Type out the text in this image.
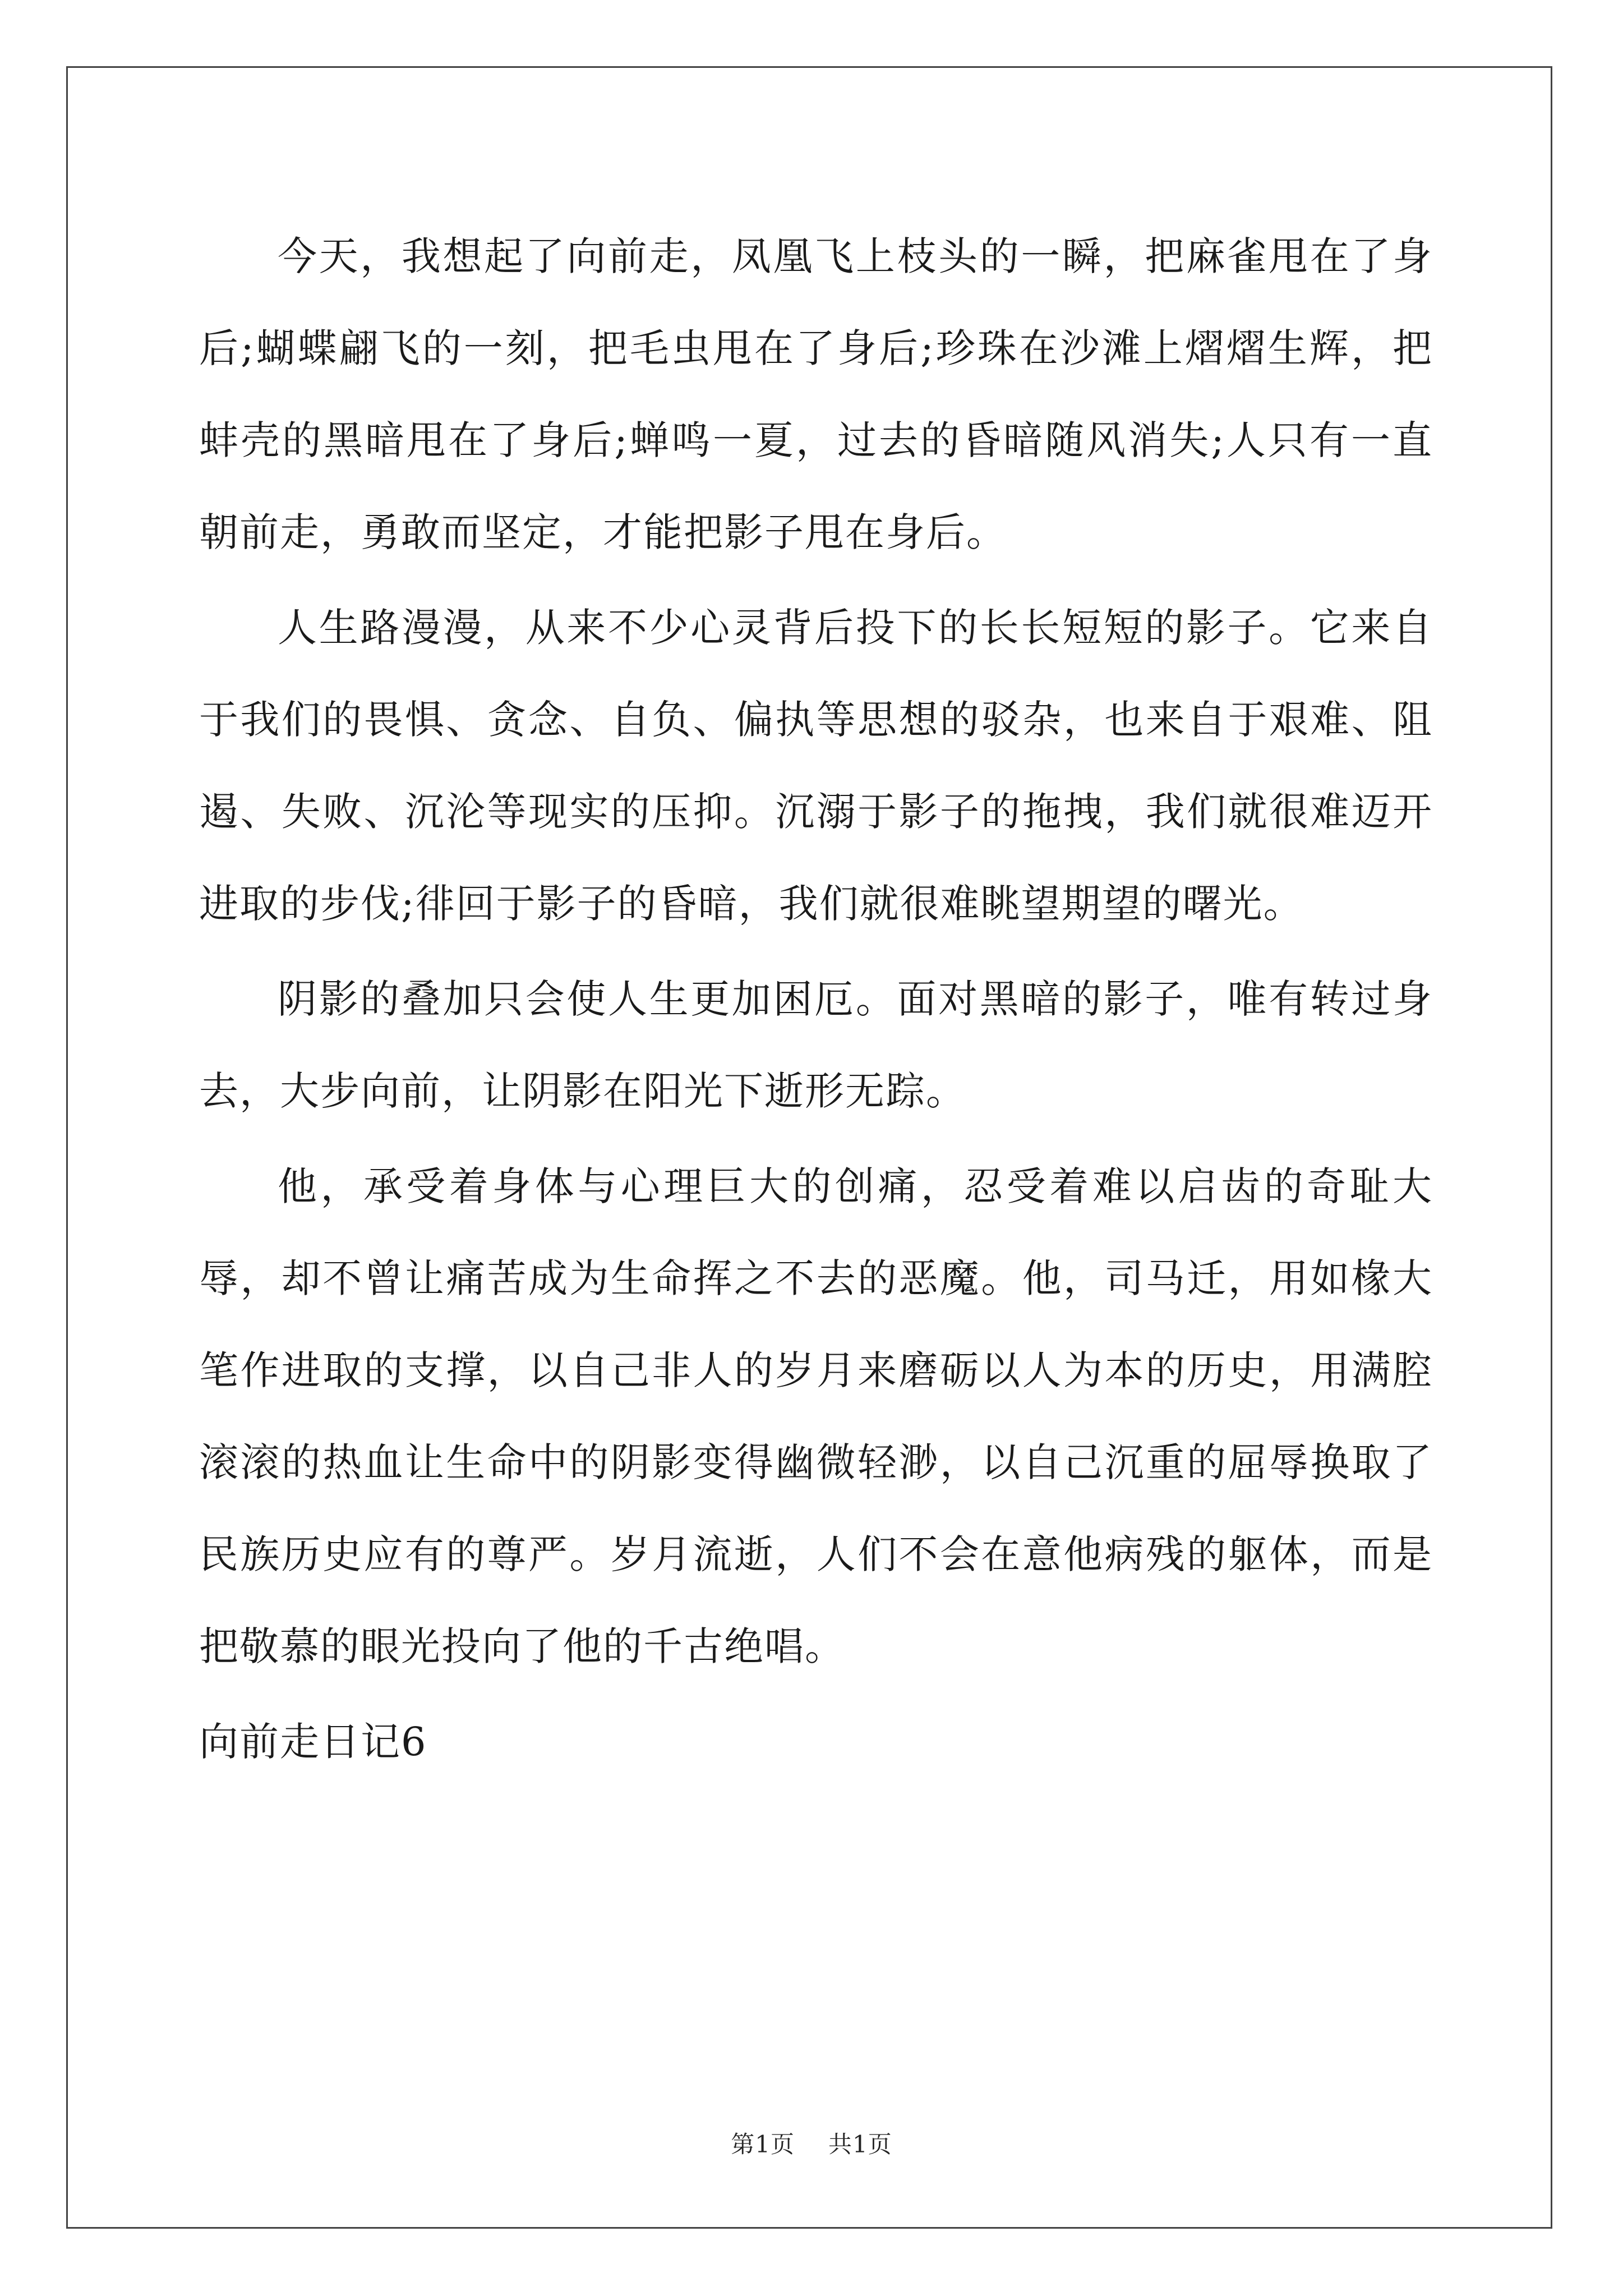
今天，我想起了向前走，凤凰飞上枝头的一瞬，把麻雀甩在了身后;蝴蝶翩飞的一刻，把毛虫甩在了身后;珍珠在沙滩上熠熠生辉，把蚌壳的黑暗甩在了身后;蝉鸣一夏，过去的昏暗随风消失;人只有一直朝前走，勇敢而坚定，才能把影子甩在身后。

人生路漫漫，从来不少心灵背后投下的长长短短的影子。它来自于我们的畏惧、贪念、自负、偏执等思想的驳杂，也来自于艰难、阻遏、失败、沉沦等现实的压抑。沉溺于影子的拖拽，我们就很难迈开进取的步伐;徘回于影子的昏暗，我们就很难眺望期望的曙光。

阴影的叠加只会使人生更加困厄。面对黑暗的影子，唯有转过身去，大步向前，让阴影在阳光下逝形无踪。

他，承受着身体与心理巨大的创痛，忍受着难以启齿的奇耻大辱，却不曾让痛苦成为生命挥之不去的恶魔。他，司马迁，用如椽大笔作进取的支撑，以自己非人的岁月来磨砺以人为本的历史，用满腔滚滚的热血让生命中的阴影变得幽微轻渺，以自己沉重的屈辱换取了民族历史应有的尊严。岁月流逝，人们不会在意他病残的躯体，而是把敬慕的眼光投向了他的千古绝唱。

向前走日记6

第1页 共1页
